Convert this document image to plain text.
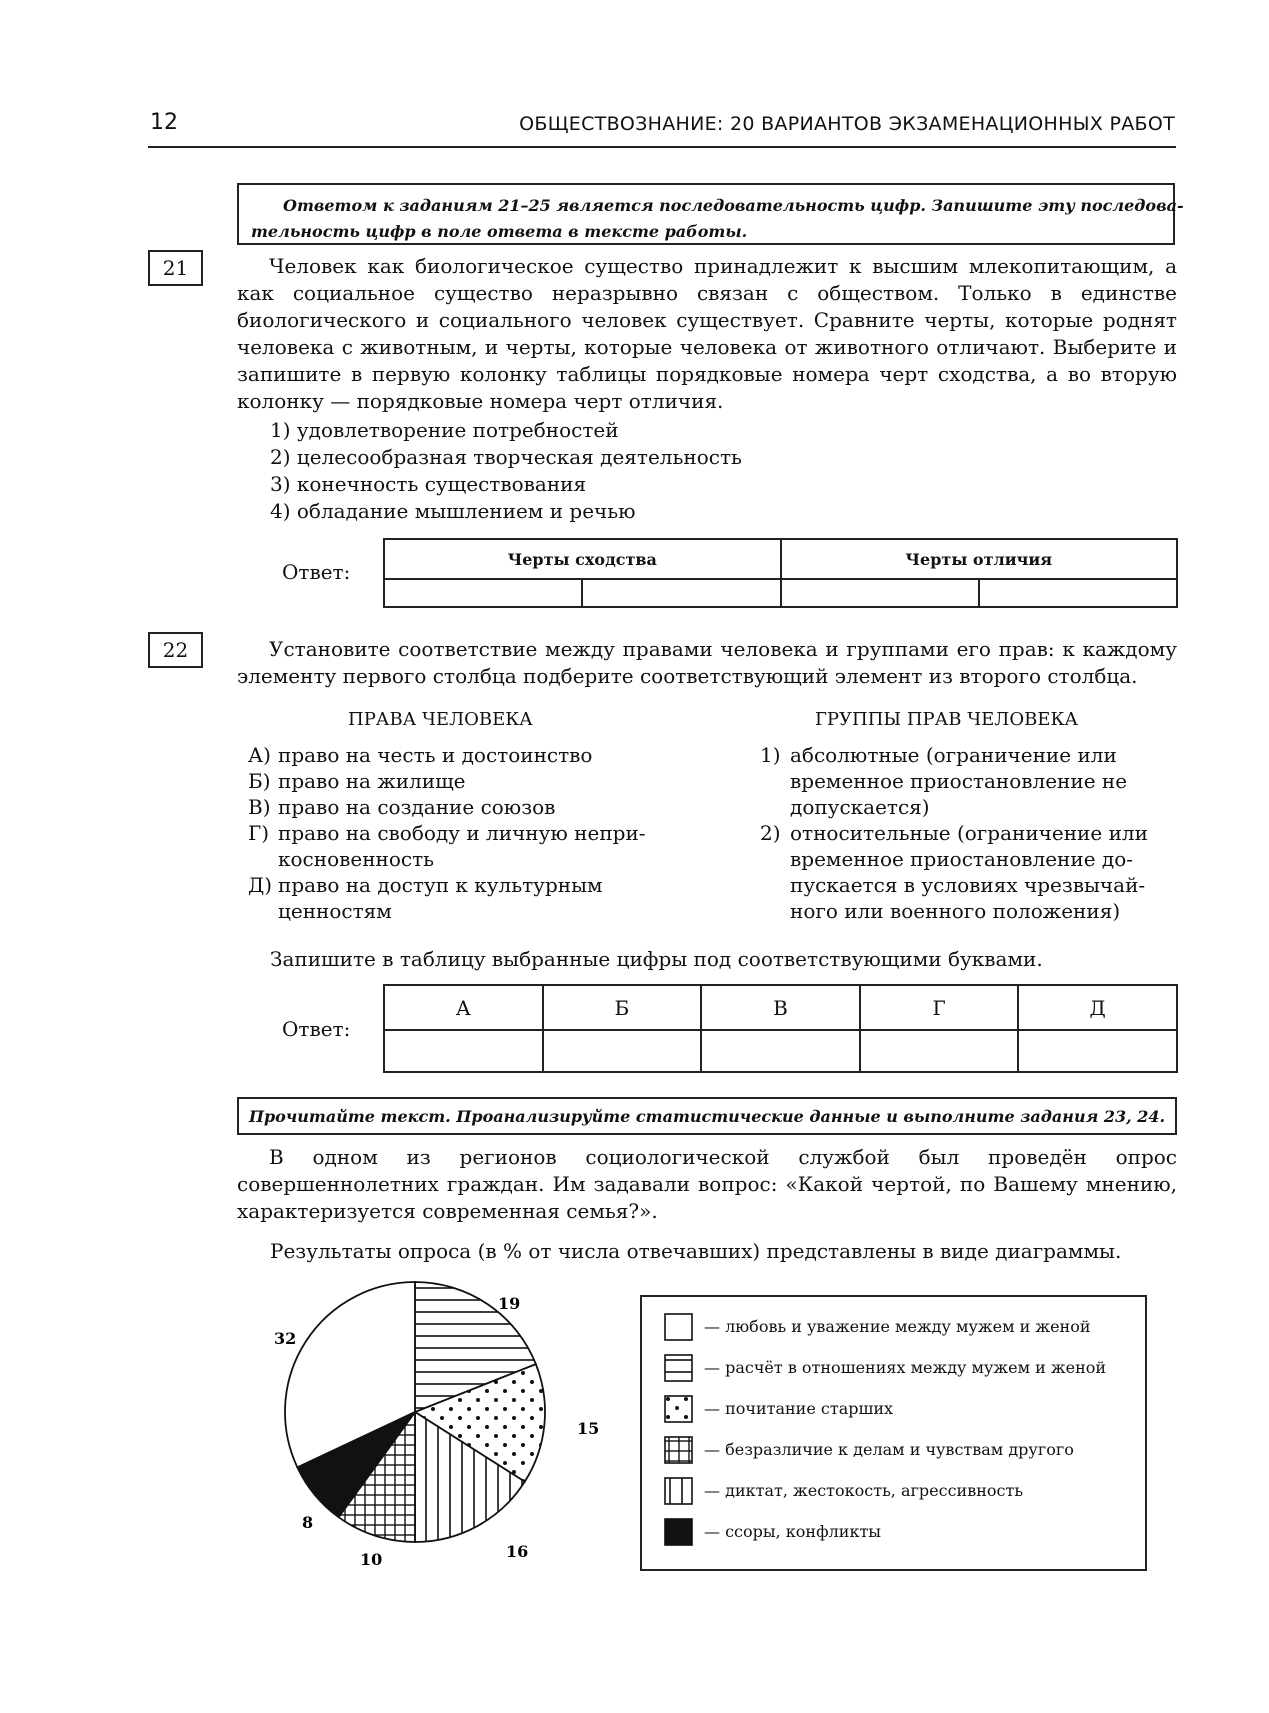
12	ОБЩЕСТВОЗНАНИЕ: 20 ВАРИАНТОВ ЭКЗАМЕНАЦИОННЫХ РАБОТ
Ответом к заданиям 21–25 является последовательность цифр. Запишите эту последова-
тельность цифр в поле ответа в тексте работы.
21	Человек как биологическое существо принадлежит к высшим млекопитающим, а как социальное существо неразрывно связан с обществом. Только в единстве биологического и социального человек существует. Сравните черты, которые роднят человека с животным, и черты, которые человека от животного отличают. Выберите и запишите в первую колонку таблицы порядковые номера черт сходства, а во вторую колонку — порядковые номера черт отличия.
1) удовлетворение потребностей
2) целесообразная творческая деятельность
3) конечность существования
4) обладание мышлением и речью
Ответ:
Черты сходства		Черты отличия	

22	Установите соответствие между правами человека и группами его прав: к каждому элементу первого столбца подберите соответствующий элемент из второго столбца.
ПРАВА ЧЕЛОВЕКА	ГРУППЫ ПРАВ ЧЕЛОВЕКА
А) право на честь и достоинство
Б) право на жилище
В) право на создание союзов
Г) право на свободу и личную непри-
косновенность
Д) право на доступ к культурным
ценностям
1) абсолютные (ограничение или
временное приостановление не
допускается)
2) относительные (ограничение или
временное приостановление до-
пускается в условиях чрезвычай-
ного или военного положения)
Запишите в таблицу выбранные цифры под соответствующими буквами.
Ответ:
А	Б	В	Г	Д

Прочитайте текст. Проанализируйте статистические данные и выполните задания 23, 24.
В одном из регионов социологической службой был проведён опрос совершеннолетних граждан. Им задавали вопрос: «Какой чертой, по Вашему мнению, характеризуется современная семья?».
Результаты опроса (в % от числа отвечавших) представлены в виде диаграммы.
19
15
16
10
8
32
— любовь и уважение между мужем и женой
— расчёт в отношениях между мужем и женой
— почитание старших
— безразличие к делам и чувствам другого
— диктат, жестокость, агрессивность
— ссоры, конфликты
